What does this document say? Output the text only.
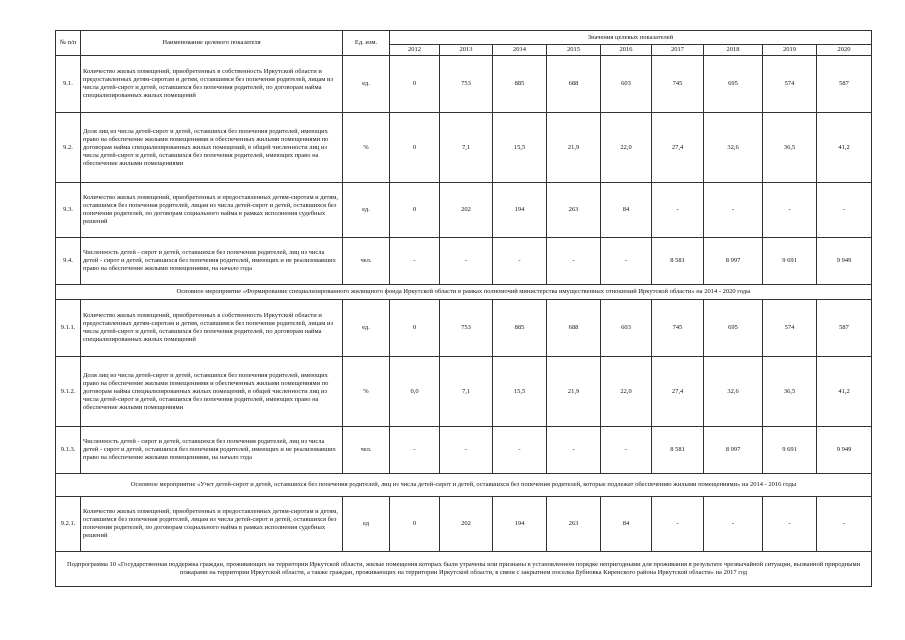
№ п/п	Наименование целевого показателя	Ед. изм.	Значения целевых показателей								
			2012	2013	2014	2015	2016	2017	2018	2019	2020
9.1.	Количество жилых помещений, приобретенных в собственность Иркутской области и предоставленных детям-сиротам и детям, оставшимся без попечения родителей, лицам из числа детей-сирот и детей, оставшихся без попечения родителей, по договорам найма специализированных жилых помещений	ед.	0	753	885	688	603	745	695	574	587
9.2.	Доля лиц из числа детей-сирот и детей, оставшихся без попечения родителей, имеющих право на обеспечение жилыми помещениями и обеспеченных жилыми помещениями по договорам найма специализированных жилых помещений, в общей численности лиц из числа детей-сирот и детей, оставшихся без попечения родителей, имеющих право на обеспечение жилыми помещениями	%	0	7,1	15,5	21,9	22,0	27,4	32,6	36,5	41,2
9.3.	Количество жилых помещений, приобретенных и предоставленных детям-сиротам и детям, оставшимся без попечения родителей, лицам из числа детей-сирот и детей, оставшихся без попечения родителей, по договорам социального найма в рамках исполнения судебных решений	ед.	0	202	194	263	84	-	-	-	-
9.4.	Численность детей - сирот и детей, оставшихся без попечения родителей, лиц из числа детей - сирот и детей, оставшихся без попечения родителей, имеющих и не реализовавших право на обеспечение жилыми помещениями, на начало года	чел.	-	-	-	-	-	8 581	8 997	9 691	9 949
Основное мероприятие «Формирование специализированного жилищного фонда Иркутской области в рамках полномочий министерства имущественных отношений Иркутской области» на 2014 - 2020 годы											
9.1.1.	Количество жилых помещений, приобретенных в собственность Иркутской области и предоставленных детям-сиротам и детям, оставшимся без попечения родителей, лицам из числа детей-сирот и детей, оставшихся без попечения родителей, по договорам найма специализированных жилых помещений	ед.	0	753	885	688	603	745	695	574	587
9.1.2.	Доля лиц из числа детей-сирот и детей, оставшихся без попечения родителей, имеющих право на обеспечение жилыми помещениями и обеспеченных жилыми помещениями по договорам найма специализированных жилых помещений, в общей численности лиц из числа детей-сирот и детей, оставшихся без попечения родителей, имеющих право на обеспечение жилыми помещениями	%	0,0	7,1	15,5	21,9	22,0	27,4	32,6	36,5	41,2
9.1.3.	Численность детей - сирот и детей, оставшихся без попечения родителей, лиц из числа детей - сирот и детей, оставшихся без попечения родителей, имеющих и не реализовавших право на обеспечение жилыми помещениями, на начало года	чел.	-	-	-	-	-	8 581	8 997	9 691	9 949
Основное мероприятие «Учет детей-сирот и детей, оставшихся без попечения родителей, лиц из числа детей-сирот и детей, оставшихся без попечения родителей, которые подлежат обеспечению жилыми помещениями» на 2014 - 2016 годы											
9.2.1.	Количество жилых помещений, приобретенных и предоставленных детям-сиротам и детям, оставшимся без попечения родителей, лицам из числа детей-сирот и детей, оставшихся без попечения родителей, по договорам социального найма в рамках исполнения судебных решений	ед	0	202	194	263	84	-	-	-	-
Подпрограмма 10 «Государственная поддержка граждан, проживающих на территории Иркутской области, жилые помещения которых были утрачены или признаны в установленном порядке непригодными для проживания в результате чрезвычайной ситуации, вызванной природными пожарами на территории Иркутской области, а также граждан, проживающих на территории Иркутской области, в связи с закрытием поселка Бубновка Киренского района Иркутской области» на 2017 год											
